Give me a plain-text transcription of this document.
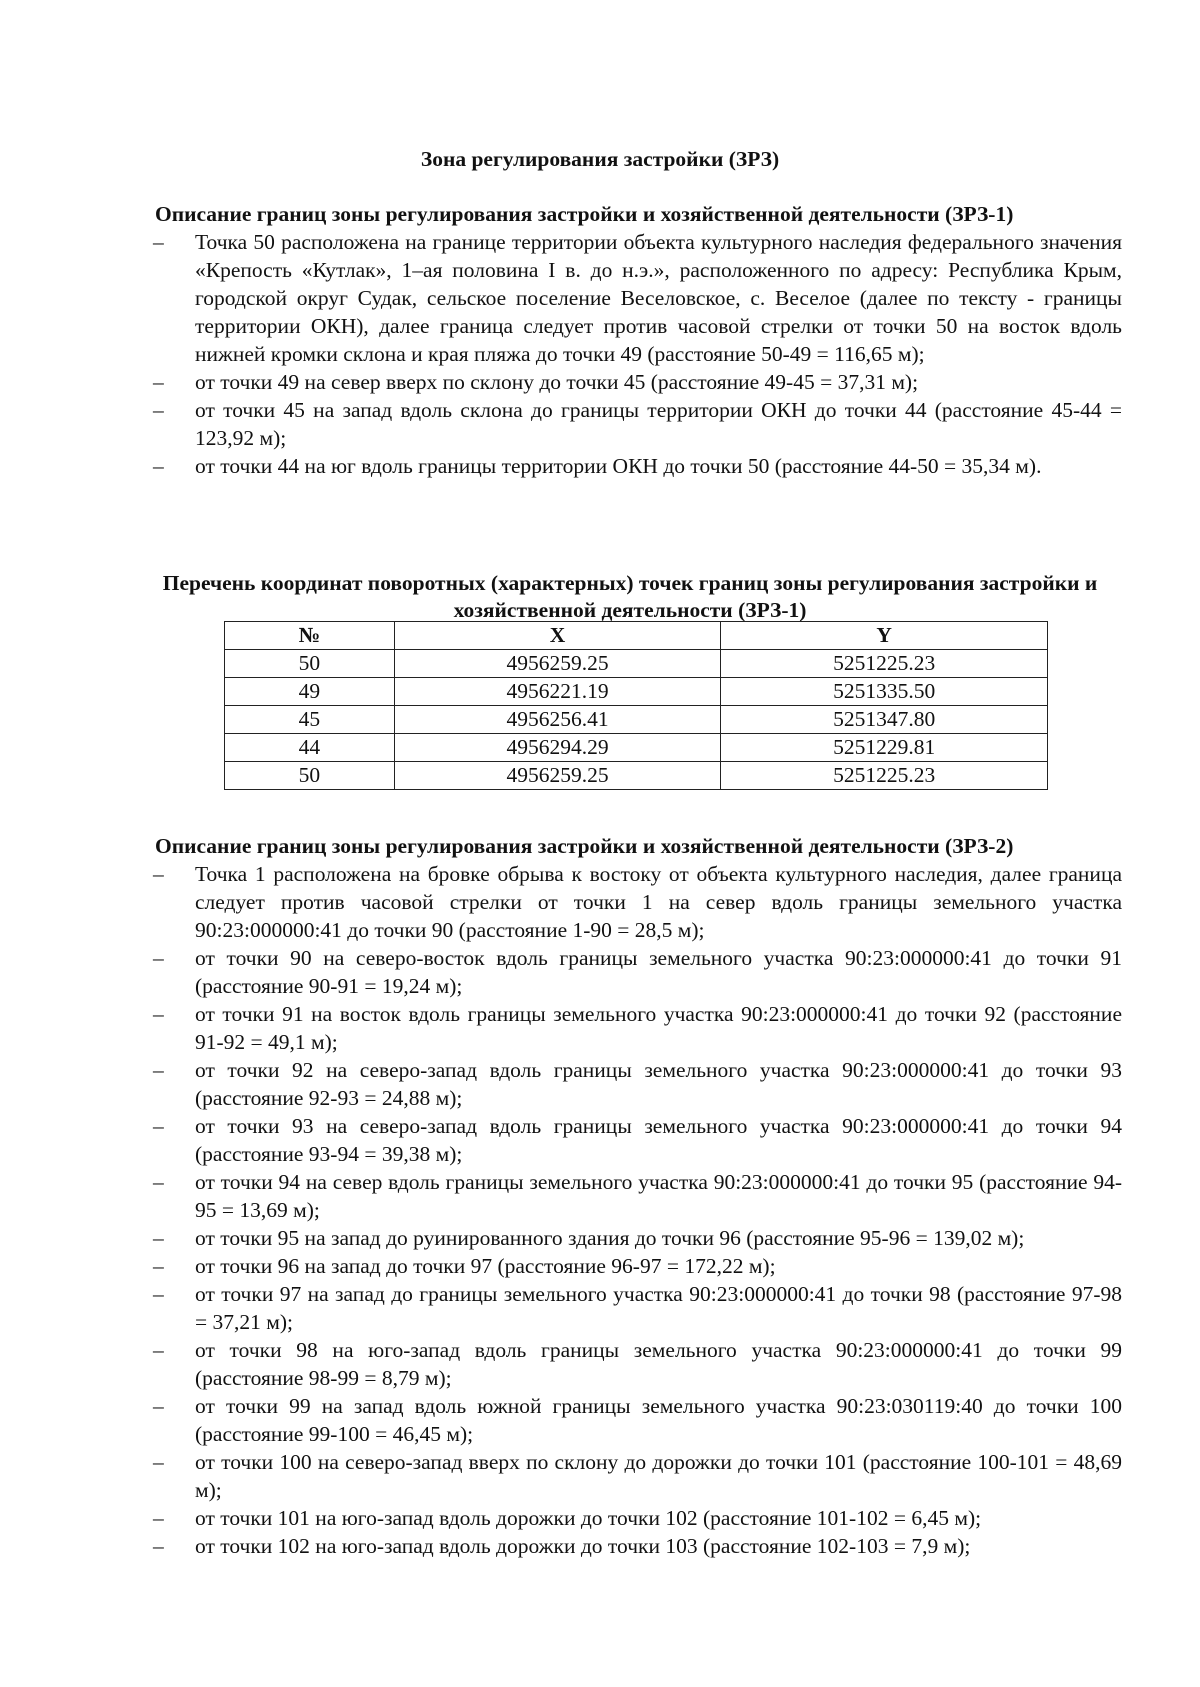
Зона регулирования застройки (ЗРЗ)
Описание границ зоны регулирования застройки и хозяйственной деятельности (ЗРЗ-1)
– Точка 50 расположена на границе территории объекта культурного наследия федерального значения «Крепость «Кутлак», 1–ая половина I в. до н.э.», расположенного по адресу: Республика Крым, городской округ Судак, сельское поселение Веселовское, с. Веселое (далее по тексту - границы территории ОКН), далее граница следует против часовой стрелки от точки 50 на восток вдоль нижней кромки склона и края пляжа до точки 49 (расстояние 50-49 = 116,65 м);
– от точки 49 на север вверх по склону до точки 45 (расстояние 49-45 = 37,31 м);
– от точки 45 на запад вдоль склона до границы территории ОКН до точки 44 (расстояние 45-44 = 123,92 м);
– от точки 44 на юг вдоль границы территории ОКН до точки 50 (расстояние 44-50 = 35,34 м).
Перечень координат поворотных (характерных) точек границ зоны регулирования застройки и хозяйственной деятельности (ЗРЗ-1)
№	X	Y
50	4956259.25	5251225.23
49	4956221.19	5251335.50
45	4956256.41	5251347.80
44	4956294.29	5251229.81
50	4956259.25	5251225.23
Описание границ зоны регулирования застройки и хозяйственной деятельности (ЗРЗ-2)
– Точка 1 расположена на бровке обрыва к востоку от объекта культурного наследия, далее граница следует против часовой стрелки от точки 1 на север вдоль границы земельного участка 90:23:000000:41 до точки 90 (расстояние 1-90 = 28,5 м);
– от точки 90 на северо-восток вдоль границы земельного участка 90:23:000000:41 до точки 91 (расстояние 90-91 = 19,24 м);
– от точки 91 на восток вдоль границы земельного участка 90:23:000000:41 до точки 92 (расстояние 91-92 = 49,1 м);
– от точки 92 на северо-запад вдоль границы земельного участка 90:23:000000:41 до точки 93 (расстояние 92-93 = 24,88 м);
– от точки 93 на северо-запад вдоль границы земельного участка 90:23:000000:41 до точки 94 (расстояние 93-94 = 39,38 м);
– от точки 94 на север вдоль границы земельного участка 90:23:000000:41 до точки 95 (расстояние 94-95 = 13,69 м);
– от точки 95 на запад до руинированного здания до точки 96 (расстояние 95-96 = 139,02 м);
– от точки 96 на запад до точки 97 (расстояние 96-97 = 172,22 м);
– от точки 97 на запад до границы земельного участка 90:23:000000:41 до точки 98 (расстояние 97-98 = 37,21 м);
– от точки 98 на юго-запад вдоль границы земельного участка 90:23:000000:41 до точки 99 (расстояние 98-99 = 8,79 м);
– от точки 99 на запад вдоль южной границы земельного участка 90:23:030119:40 до точки 100 (расстояние 99-100 = 46,45 м);
– от точки 100 на северо-запад вверх по склону до дорожки до точки 101 (расстояние 100-101 = 48,69 м);
– от точки 101 на юго-запад вдоль дорожки до точки 102 (расстояние 101-102 = 6,45 м);
– от точки 102 на юго-запад вдоль дорожки до точки 103 (расстояние 102-103 = 7,9 м);
